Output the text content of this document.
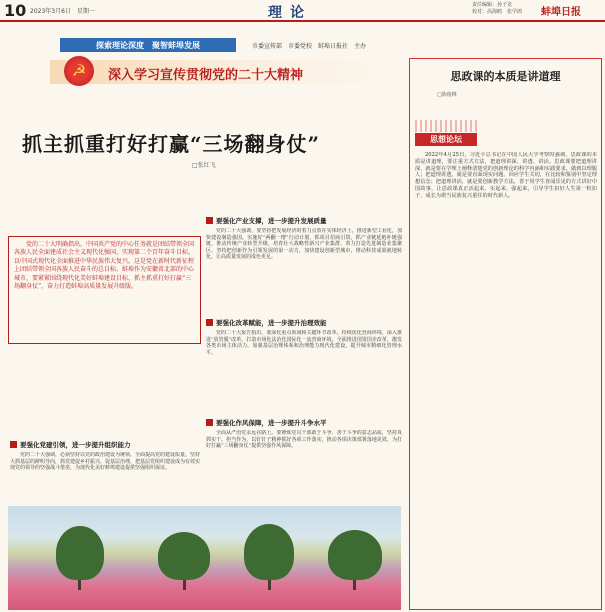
10 2023年3月6日　星期一	理论	责任编辑：孙子龙
校对：高海鸥　张学鸿	蚌埠日报
探索理论深度　聚智蚌埠发展	市委宣传部　市委党校　蚌埠日报社　主办
☭	深入学习宣传贯彻党的二十大精神
抓主抓重打好打赢“三场翻身仗”
□张红飞
党的二十大明确指出，中国共产党的中心任务就是团结带领全国各族人民全面建成社会主义现代化强国、实现第二个百年奋斗目标，以中国式现代化全面推进中华民族伟大复兴。这是党在新时代新征程上团结带领全国各族人民奋斗的总目标。蚌埠作为安徽省北部的中心城市，要紧紧围绕现代化美好蚌埠建设目标，抓主抓重打好打赢“三场翻身仗”，奋力打造蚌埠高质量发展升级版。
要强化产业支撑，进一步提升发展质量
党的二十大强调，要坚持把发展经济的着力点放在实体经济上，推进新型工业化，加快建设制造强国。实施好“两翻一增”行动计划，抓项目招商引资，抓产业链延链补链强链，推动传统产业转型升级，培育壮大战略性新兴产业集群，着力打造先进制造业集聚区。坚持把创新作为引领发展的第一动力，加快建设创新型城市，推动科技成果就地转化，让高质量发展的成色更足。
要强化改革赋能，进一步提升治理效能
党的二十大报告指出，要深化重点领域和关键环节改革。持续优化营商环境，深入推进“放管服”改革，打造市场化法治化国际化一流营商环境。全面推进国资国企改革，激发各类市场主体活力。加强基层治理体系和治理能力现代化建设，提升城市精细化管理水平。
要强化作风保障，进一步提升斗争水平
全面从严治党永远在路上。要锤炼党员干部敢于斗争、善于斗争的意志品质，坚持真抓实干、担当作为，以钉钉子精神抓好各项工作落实，推动各项决策部署落地见效，为打好打赢“三场翻身仗”提供坚强作风保障。
要强化党建引领，进一步提升组织能力
党的二十大强调，必须坚持以党的政治建设为统领，全面提高党的建设质量。坚持大抓基层的鲜明导向，抓党建促乡村振兴、促基层治理，把基层党组织建设成为有效实现党的领导的坚强战斗堡垒，为现代化美好蚌埠建设提供坚强组织保证。
思政课的本质是讲道理
□陈俊峰
思想论坛
2022年4月25日，习近平总书记在中国人民大学考察时强调，思政课的本质是讲道理，要注重方式方法，把道理讲深、讲透、讲活。思政课要把道理讲深，就是要在学理上阐释清楚党的创新理论的科学内涵和实践要求，做到以理服人；把道理讲透，就是要直面现实问题、回应学生关切，在比较和鉴别中坚定理想信念；把道理讲活，就是要创新教学方法，善于用学生喜闻乐见的方式讲好中国故事，让思政课真正活起来、实起来、强起来，引导学生扣好人生第一粒扣子，成长为堪当民族复兴重任的时代新人。
